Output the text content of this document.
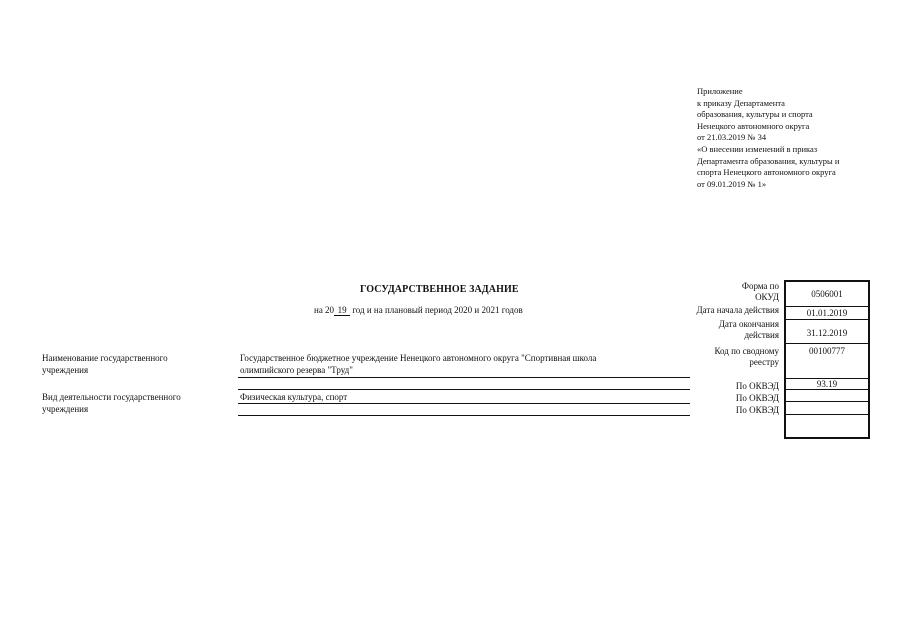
Приложение
к приказу Департамента
образования, культуры и спорта
Ненецкого автономного округа
от 21.03.2019 № 34
«О внесении изменений в приказ
Департамента образования, культуры и
спорта Ненецкого автономного округа
от 09.01.2019 № 1»
ГОСУДАРСТВЕННОЕ ЗАДАНИЕ
на 20 19 год и на плановый период 2020 и 2021 годов
Наименование государственного
учреждения
Государственное бюджетное учреждение Ненецкого автономного округа "Спортивная школа
олимпийского резерва "Труд"
Вид деятельности государственного
учреждения
Физическая культура, спорт
Форма по
ОКУД
Дата начала действия
Дата окончания
действия
Код по сводному
реестру
По ОКВЭД
По ОКВЭД
По ОКВЭД
0506001
01.01.2019
31.12.2019
00100777
93.19
